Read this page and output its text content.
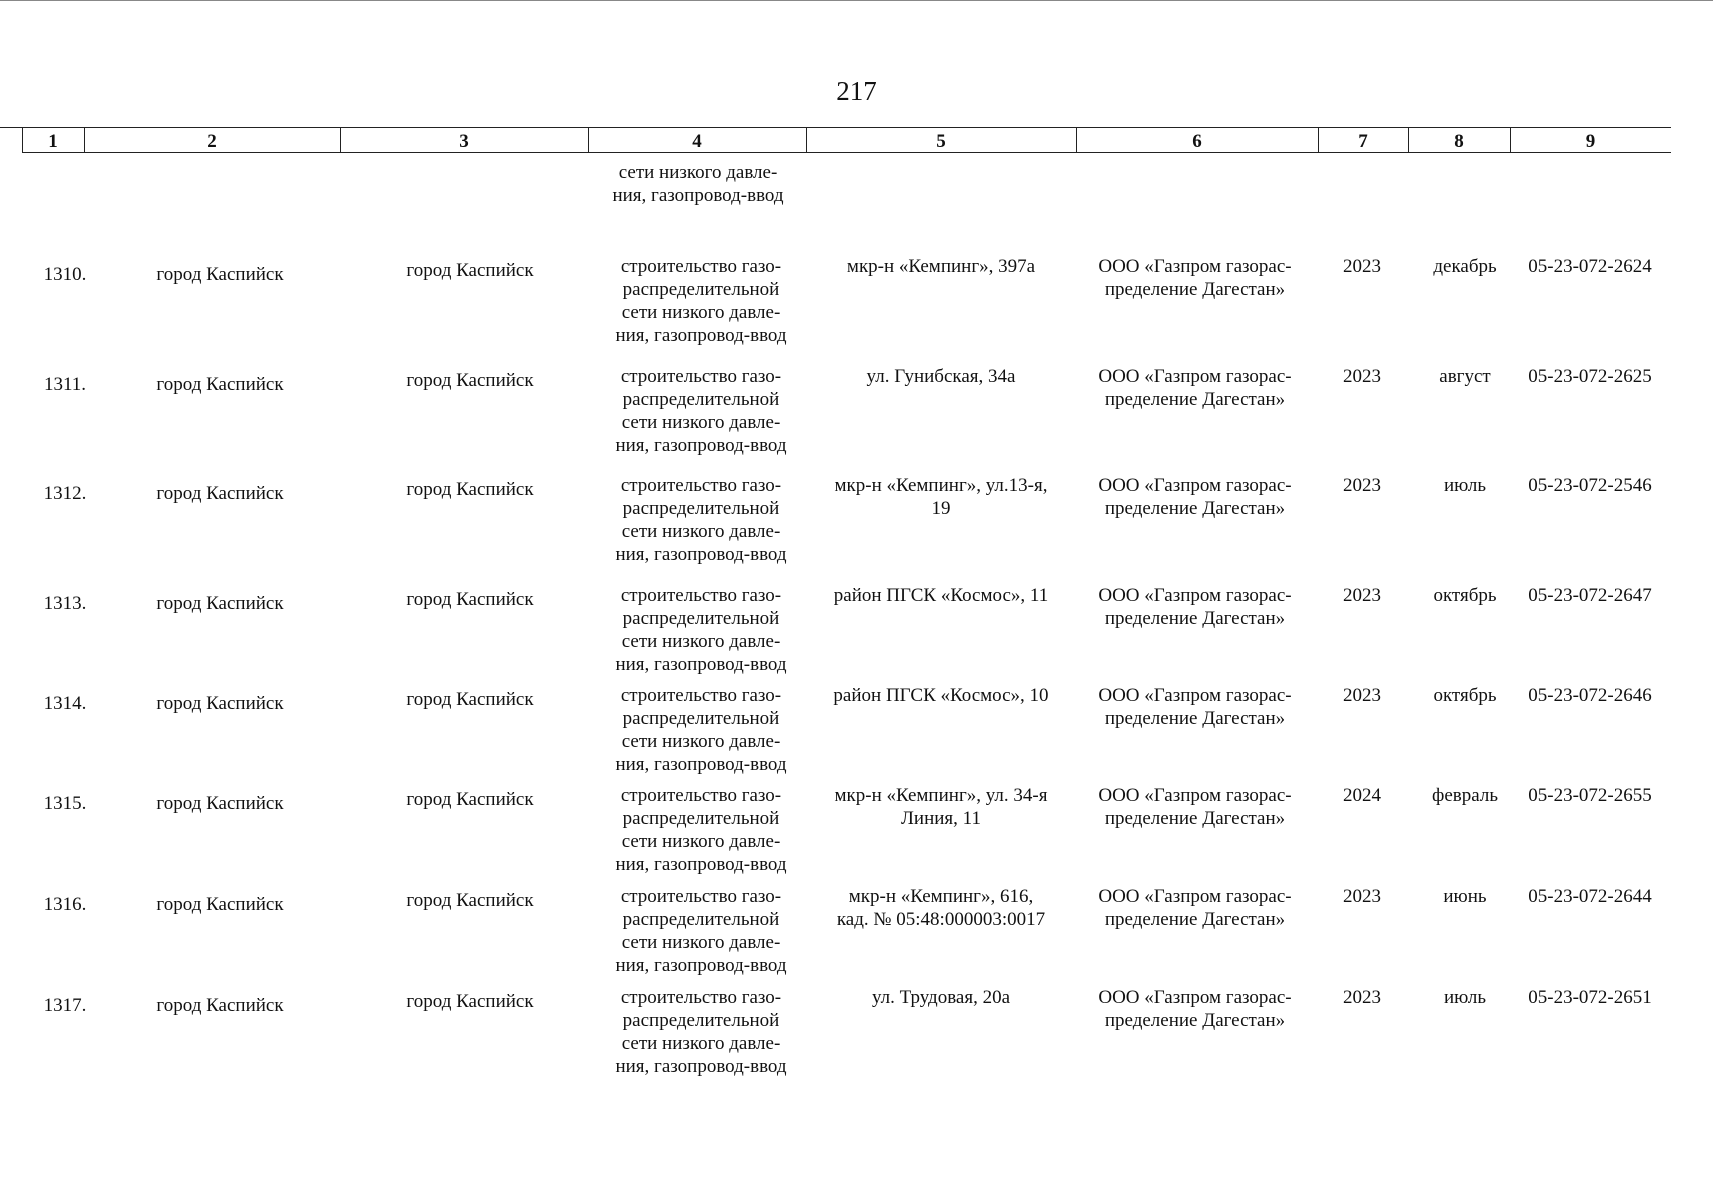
217
1	2	3	4	5	6	7	8	9
сети низкого давле-
ния, газопровод-ввод
1310.	город Каспийск	город Каспийск	строительство газо-
распределительной
сети низкого давле-
ния, газопровод-ввод
мкр-н «Кемпинг», 397а	ООО «Газпром газорас-
пределение Дагестан»
2023	декабрь	05-23-072-2624
1311.	город Каспийск	город Каспийск	строительство газо-
распределительной
сети низкого давле-
ния, газопровод-ввод
ул. Гунибская, 34а	ООО «Газпром газорас-
пределение Дагестан»
2023	август	05-23-072-2625
1312.	город Каспийск	город Каспийск	строительство газо-
распределительной
сети низкого давле-
ния, газопровод-ввод
мкр-н «Кемпинг», ул.13-я,
19
ООО «Газпром газорас-
пределение Дагестан»
2023	июль	05-23-072-2546
1313.	город Каспийск	город Каспийск	строительство газо-
распределительной
сети низкого давле-
ния, газопровод-ввод
район ПГСК «Космос», 11	ООО «Газпром газорас-
пределение Дагестан»
2023	октябрь	05-23-072-2647
1314.	город Каспийск	город Каспийск	строительство газо-
распределительной
сети низкого давле-
ния, газопровод-ввод
район ПГСК «Космос», 10	ООО «Газпром газорас-
пределение Дагестан»
2023	октябрь	05-23-072-2646
1315.	город Каспийск	город Каспийск	строительство газо-
распределительной
сети низкого давле-
ния, газопровод-ввод
мкр-н «Кемпинг», ул. 34-я
Линия, 11
ООО «Газпром газорас-
пределение Дагестан»
2024	февраль	05-23-072-2655
1316.	город Каспийск	город Каспийск	строительство газо-
распределительной
сети низкого давле-
ния, газопровод-ввод
мкр-н «Кемпинг», 616,
кад. № 05:48:000003:0017
ООО «Газпром газорас-
пределение Дагестан»
2023	июнь	05-23-072-2644
1317.	город Каспийск	город Каспийск	строительство газо-
распределительной
сети низкого давле-
ния, газопровод-ввод
ул. Трудовая, 20а	ООО «Газпром газорас-
пределение Дагестан»
2023	июль	05-23-072-2651
